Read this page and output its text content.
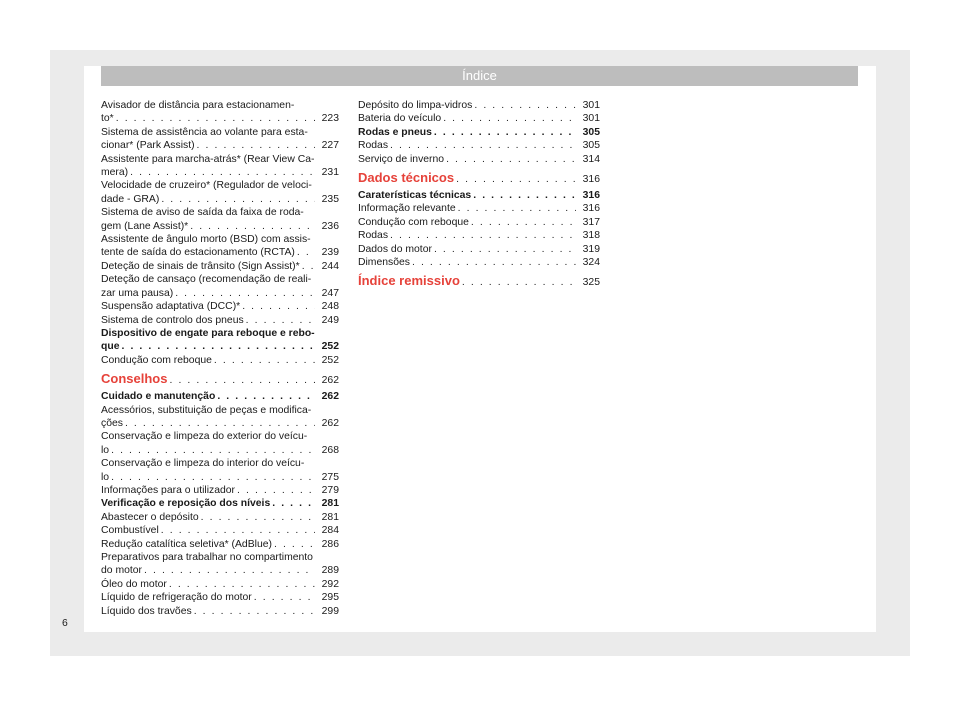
Índice
Avisador de distância para estacionamen-
to* . . .	223
Sistema de assistência ao volante para esta-
cionar* (Park Assist) . . .	227
Assistente para marcha-atrás* (Rear View Ca-
mera) . . .	231
Velocidade de cruzeiro* (Regulador de veloci-
dade - GRA) . . .	235
Sistema de aviso de saída da faixa de roda-
gem (Lane Assist)* . . .	236
Assistente de ângulo morto (BSD) com assis-
tente de saída do estacionamento (RCTA) . . .	239
Deteção de sinais de trânsito (Sign Assist)* . . .	244
Deteção de cansaço (recomendação de reali-
zar uma pausa) . . .	247
Suspensão adaptativa (DCC)* . . .	248
Sistema de controlo dos pneus . . .	249
Dispositivo de engate para reboque e rebo-
que . . .	252
Condução com reboque . . .	252
Conselhos . . .	262
Cuidado e manutenção . . .	262
Acessórios, substituição de peças e modifica-
ções . . .	262
Conservação e limpeza do exterior do veícu-
lo . . .	268
Conservação e limpeza do interior do veícu-
lo . . .	275
Informações para o utilizador . . .	279
Verificação e reposição dos níveis . . .	281
Abastecer o depósito . . .	281
Combustível . . .	284
Redução catalítica seletiva* (AdBlue) . . .	286
Preparativos para trabalhar no compartimento
do motor . . .	289
Óleo do motor . . .	292
Líquido de refrigeração do motor . . .	295
Líquido dos travões . . .	299
Depósito do limpa-vidros . . .	301
Bateria do veículo . . .	301
Rodas e pneus . . .	305
Rodas . . .	305
Serviço de inverno . . .	314
Dados técnicos . . .	316
Caraterísticas técnicas . . .	316
Informação relevante . . .	316
Condução com reboque . . .	317
Rodas . . .	318
Dados do motor . . .	319
Dimensões . . .	324
Índice remissivo . . .	325
6
